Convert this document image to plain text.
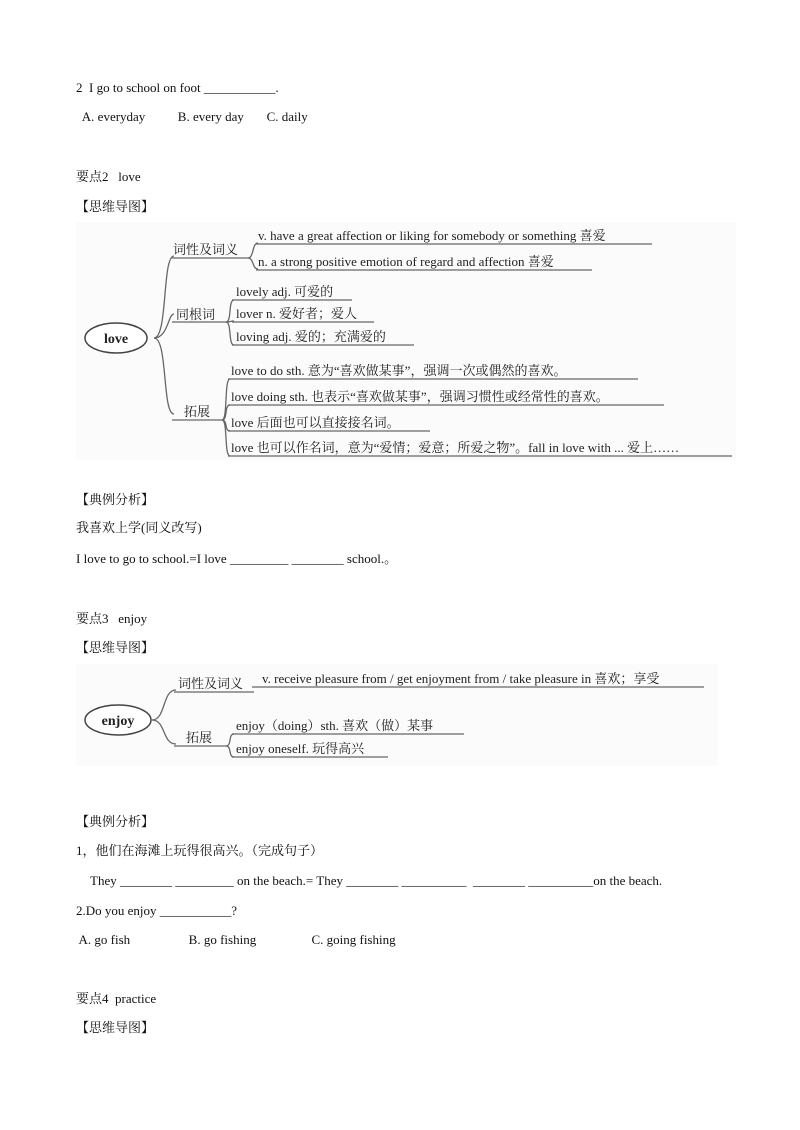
2  I go to school on foot ___________.
A. everyday          B. every day       C. daily
要点2   love
【思维导图】
love
词性及词义
v. have a great affection or liking for somebody or something 喜爱
n. a strong positive emotion of regard and affection 喜爱
同根词
lovely adj. 可爱的
lover n. 爱好者；爱人
loving adj. 爱的；充满爱的
拓展
love to do sth. 意为“喜欢做某事”，强调一次或偶然的喜欢。
love doing sth. 也表示“喜欢做某事”，强调习惯性或经常性的喜欢。
love 后面也可以直接接名词。
love 也可以作名词，意为“爱情；爱意；所爱之物”。fall in love with ... 爱上……
【典例分析】
我喜欢上学(同义改写)
I love to go to school.=I love _________ ________ school.。
要点3   enjoy
【思维导图】
enjoy
词性及词义 v. receive pleasure from / get enjoyment from / take pleasure in 喜欢；享受
拓展
enjoy（doing）sth. 喜欢（做）某事
enjoy oneself. 玩得高兴
【典例分析】
1，他们在海滩上玩得很高兴。（完成句子）
They ________ _________ on the beach.= They ________ __________  ________ __________on the beach.
2.Do you enjoy ___________?
A. go fish                  B. go fishing                 C. going fishing
要点4  practice
【思维导图】
